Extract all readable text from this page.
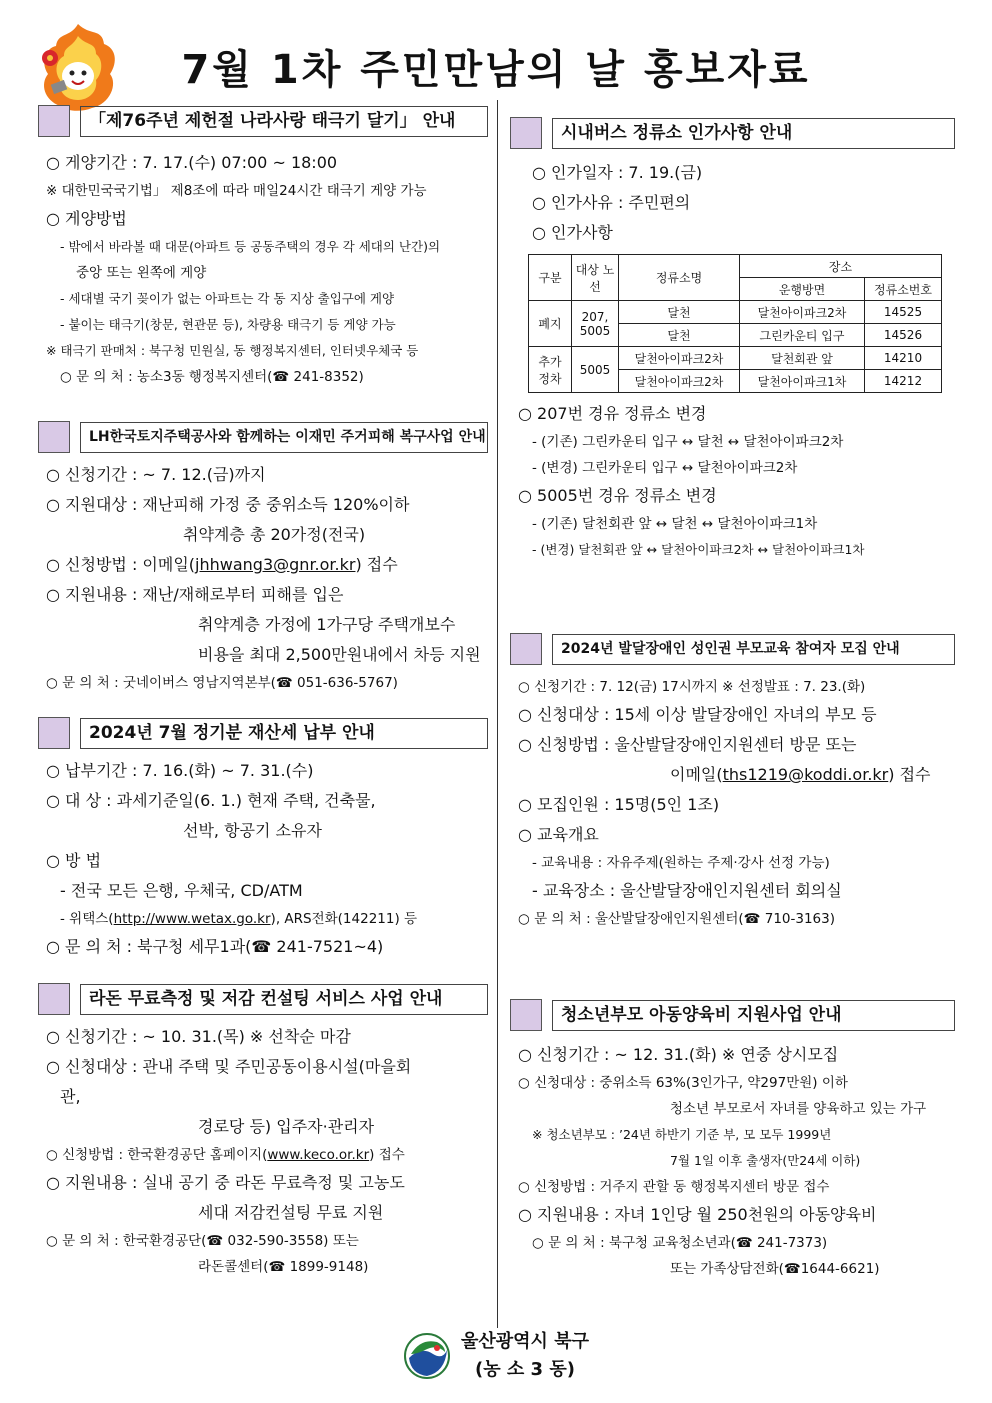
7월 1차 주민만남의 날 홍보자료
「제76주년 제헌절 나라사랑 태극기 달기」 안내
○ 게양기간 : 7. 17.(수) 07:00 ~ 18:00
※ 대한민국국기법」 제8조에 따라 매일24시간 태극기 게양 가능
○ 게양방법
- 밖에서 바라볼 때 대문(아파트 등 공동주택의 경우 각 세대의 난간)의
중앙 또는 왼쪽에 게양
- 세대별 국기 꽂이가 없는 아파트는 각 동 지상 출입구에 게양
- 붙이는 태극기(창문, 현관문 등), 차량용 태극기 등 게양 가능
※ 태극기 판매처 : 북구청 민원실, 동 행정복지센터, 인터넷우체국 등
○ 문 의 처 : 농소3동 행정복지센터(☎ 241-8352)
LH한국토지주택공사와 함께하는 이재민 주거피해 복구사업 안내
○ 신청기간 : ~ 7. 12.(금)까지
○ 지원대상 : 재난피해 가정 중 중위소득 120%이하
취약계층 총 20가정(전국)
○ 신청방법 : 이메일(jhhwang3@gnr.or.kr) 접수
○ 지원내용 : 재난/재해로부터 피해를 입은
취약계층 가정에 1가구당 주택개보수
비용을 최대 2,500만원내에서 차등 지원
○ 문 의 처 : 굿네이버스 영남지역본부(☎ 051-636-5767)
2024년 7월 정기분 재산세 납부 안내
○ 납부기간 : 7. 16.(화) ~ 7. 31.(수)
○ 대 상 : 과세기준일(6. 1.) 현재 주택, 건축물,
선박, 항공기 소유자
○ 방 법
- 전국 모든 은행, 우체국, CD/ATM
- 위택스(http://www.wetax.go.kr), ARS전화(142211) 등
○ 문 의 처 : 북구청 세무1과(☎ 241-7521~4)
라돈 무료측정 및 저감 컨설팅 서비스 사업 안내
○ 신청기간 : ~ 10. 31.(목) ※ 선착순 마감
○ 신청대상 : 관내 주택 및 주민공동이용시설(마을회
관,
경로당 등) 입주자·관리자
○ 신청방법 : 한국환경공단 홈페이지(www.keco.or.kr) 접수
○ 지원내용 : 실내 공기 중 라돈 무료측정 및 고농도
세대 저감컨설팅 무료 지원
○ 문 의 처 : 한국환경공단(☎ 032-590-3558) 또는
라돈콜센터(☎ 1899-9148)
시내버스 정류소 인가사항 안내
○ 인가일자 : 7. 19.(금)
○ 인가사유 : 주민편의
○ 인가사항
구분	대상 노선	정류소명	장소	
			운행방면	정류소번호
폐지	207, 5005	달천	달천아이파크2차	14525
		달천	그린카운티 입구	14526
추가 정차	5005	달천아이파크2차	달천회관 앞	14210
		달천아이파크2차	달천아이파크1차	14212
○ 207번 경유 정류소 변경
- (기존) 그린카운티 입구 ↔ 달천 ↔ 달천아이파크2차
- (변경) 그린카운티 입구 ↔ 달천아이파크2차
○ 5005번 경유 정류소 변경
- (기존) 달천회관 앞 ↔ 달천 ↔ 달천아이파크1차
- (변경) 달천회관 앞 ↔ 달천아이파크2차 ↔ 달천아이파크1차
2024년 발달장애인 성인권 부모교육 참여자 모집 안내
○ 신청기간 : 7. 12(금) 17시까지 ※ 선정발표 : 7. 23.(화)
○ 신청대상 : 15세 이상 발달장애인 자녀의 부모 등
○ 신청방법 : 울산발달장애인지원센터 방문 또는
이메일(ths1219@koddi.or.kr) 접수
○ 모집인원 : 15명(5인 1조)
○ 교육개요
- 교육내용 : 자유주제(원하는 주제·강사 선정 가능)
- 교육장소 : 울산발달장애인지원센터 회의실
○ 문 의 처 : 울산발달장애인지원센터(☎ 710-3163)
청소년부모 아동양육비 지원사업 안내
○ 신청기간 : ~ 12. 31.(화) ※ 연중 상시모집
○ 신청대상 : 중위소득 63%(3인가구, 약297만원) 이하
청소년 부모로서 자녀를 양육하고 있는 가구
※ 청소년부모 : ’24년 하반기 기준 부, 모 모두 1999년
7월 1일 이후 출생자(만24세 이하)
○ 신청방법 : 거주지 관할 동 행정복지센터 방문 접수
○ 지원내용 : 자녀 1인당 월 250천원의 아동양육비
○ 문 의 처 : 북구청 교육청소년과(☎ 241-7373)
또는 가족상담전화(☎1644-6621)
울산광역시 북구
(농 소 3 동)
